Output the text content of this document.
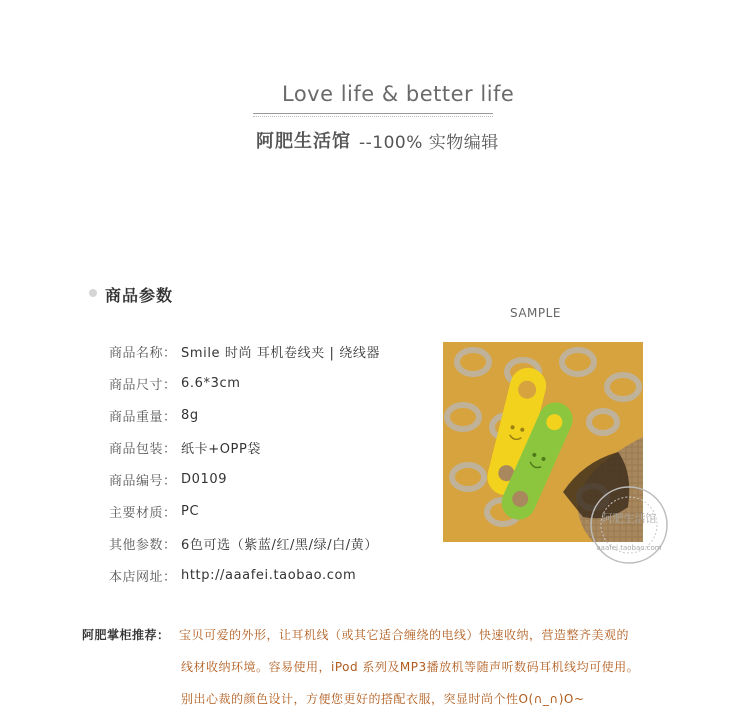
Love life & better life
阿肥生活馆 --100% 实物编辑
商品参数
商品名称： Smile 时尚 耳机卷线夹 | 绕线器
商品尺寸： 6.6*3cm
商品重量： 8g
商品包装： 纸卡+OPP袋
商品编号： D0109
主要材质： PC
其他参数： 6色可选（紫蓝/红/黑/绿/白/黄）
本店网址： http://aaafei.taobao.com
SAMPLE
阿肥生活馆
aaafei.taobao.com
阿肥掌柜推荐： 宝贝可爱的外形，让耳机线（或其它适合缠绕的电线）快速收纳，营造整齐美观的
线材收纳环境。容易使用，iPod 系列及MP3播放机等随声听数码耳机线均可使用。
别出心裁的颜色设计，方便您更好的搭配衣服，突显时尚个性O(∩_∩)O~
